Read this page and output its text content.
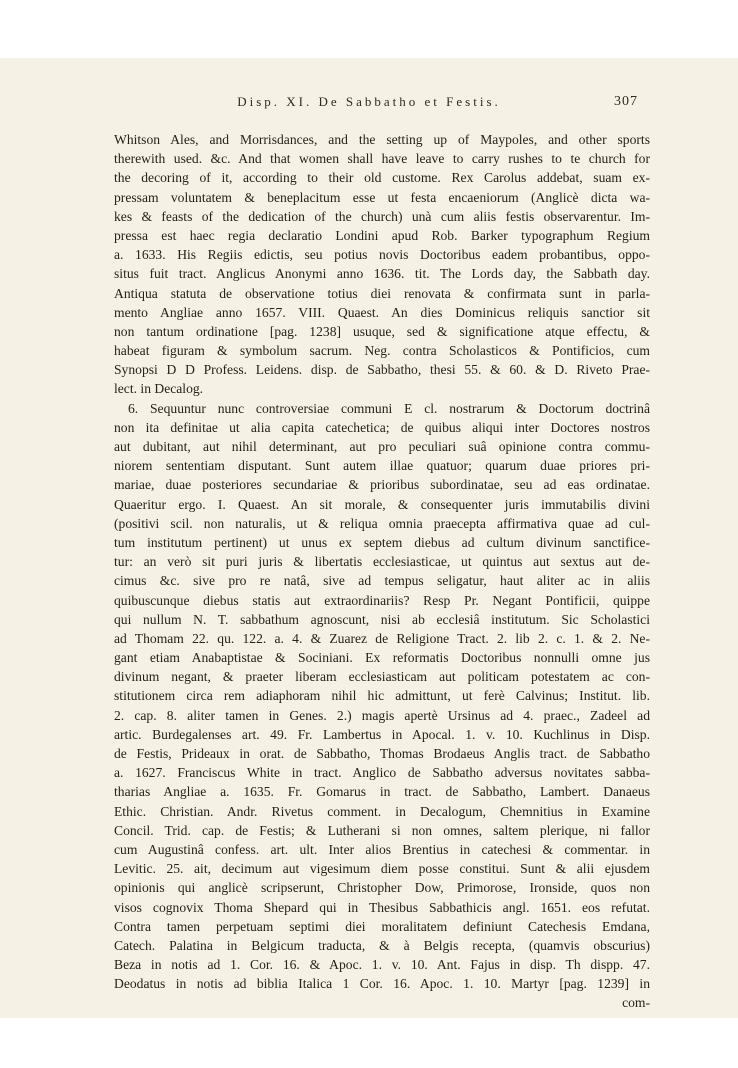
Disp. XI. De Sabbatho et Festis.	307
Whitson Ales, and Morrisdances, and the setting up of Maypoles, and other sports
therewith used. &c. And that women shall have leave to carry rushes to te church for
the decoring of it, according to their old custome. Rex Carolus addebat, suam ex-
pressam voluntatem & beneplacitum esse ut festa encaeniorum (Anglicè dicta wa-
kes & feasts of the dedication of the church) unà cum aliis festis observarentur. Im-
pressa est haec regia declaratio Londini apud Rob. Barker typographum Regium
a. 1633. His Regiis edictis, seu potius novis Doctoribus eadem probantibus, oppo-
situs fuit tract. Anglicus Anonymi anno 1636. tit. The Lords day, the Sabbath day.
Antiqua statuta de observatione totius diei renovata & confirmata sunt in parla-
mento Angliae anno 1657. VIII. Quaest. An dies Dominicus reliquis sanctior sit
non tantum ordinatione [pag. 1238] usuque, sed & significatione atque effectu, &
habeat figuram & symbolum sacrum. Neg. contra Scholasticos & Pontificios, cum
Synopsi D D Profess. Leidens. disp. de Sabbatho, thesi 55. & 60. & D. Riveto Prae-
lect. in Decalog.
6. Sequuntur nunc controversiae communi E cl. nostrarum & Doctorum doctrinâ
non ita definitae ut alia capita catechetica; de quibus aliqui inter Doctores nostros
aut dubitant, aut nihil determinant, aut pro peculiari suâ opinione contra commu-
niorem sententiam disputant. Sunt autem illae quatuor; quarum duae priores pri-
mariae, duae posteriores secundariae & prioribus subordinatae, seu ad eas ordinatae.
Quaeritur ergo. I. Quaest. An sit morale, & consequenter juris immutabilis divini
(positivi scil. non naturalis, ut & reliqua omnia praecepta affirmativa quae ad cul-
tum institutum pertinent) ut unus ex septem diebus ad cultum divinum sanctifice-
tur: an verò sit puri juris & libertatis ecclesiasticae, ut quintus aut sextus aut de-
cimus &c. sive pro re natâ, sive ad tempus seligatur, haut aliter ac in aliis
quibuscunque diebus statis aut extraordinariis? Resp Pr. Negant Pontificii, quippe
qui nullum N. T. sabbathum agnoscunt, nisi ab ecclesiâ institutum. Sic Scholastici
ad Thomam 22. qu. 122. a. 4. & Zuarez de Religione Tract. 2. lib 2. c. 1. & 2. Ne-
gant etiam Anabaptistae & Sociniani. Ex reformatis Doctoribus nonnulli omne jus
divinum negant, & praeter liberam ecclesiasticam aut politicam potestatem ac con-
stitutionem circa rem adiaphoram nihil hic admittunt, ut ferè Calvinus; Institut. lib.
2. cap. 8. aliter tamen in Genes. 2.) magis apertè Ursinus ad 4. praec., Zadeel ad
artic. Burdegalenses art. 49. Fr. Lambertus in Apocal. 1. v. 10. Kuchlinus in Disp.
de Festis, Prideaux in orat. de Sabbatho, Thomas Brodaeus Anglis tract. de Sabbatho
a. 1627. Franciscus White in tract. Anglico de Sabbatho adversus novitates sabba-
tharias Angliae a. 1635. Fr. Gomarus in tract. de Sabbatho, Lambert. Danaeus
Ethic. Christian. Andr. Rivetus comment. in Decalogum, Chemnitius in Examine
Concil. Trid. cap. de Festis; & Lutherani si non omnes, saltem plerique, ni fallor
cum Augustinâ confess. art. ult. Inter alios Brentius in catechesi & commentar. in
Levitic. 25. ait, decimum aut vigesimum diem posse constitui. Sunt & alii ejusdem
opinionis qui anglicè scripserunt, Christopher Dow, Primorose, Ironside, quos non
visos cognovix Thoma Shepard qui in Thesibus Sabbathicis angl. 1651. eos refutat.
Contra tamen perpetuam septimi diei moralitatem definiunt Catechesis Emdana,
Catech. Palatina in Belgicum traducta, & à Belgis recepta, (quamvis obscurius)
Beza in notis ad 1. Cor. 16. & Apoc. 1. v. 10. Ant. Fajus in disp. Th dispp. 47.
Deodatus in notis ad biblia Italica 1 Cor. 16. Apoc. 1. 10. Martyr [pag. 1239] in
com-
